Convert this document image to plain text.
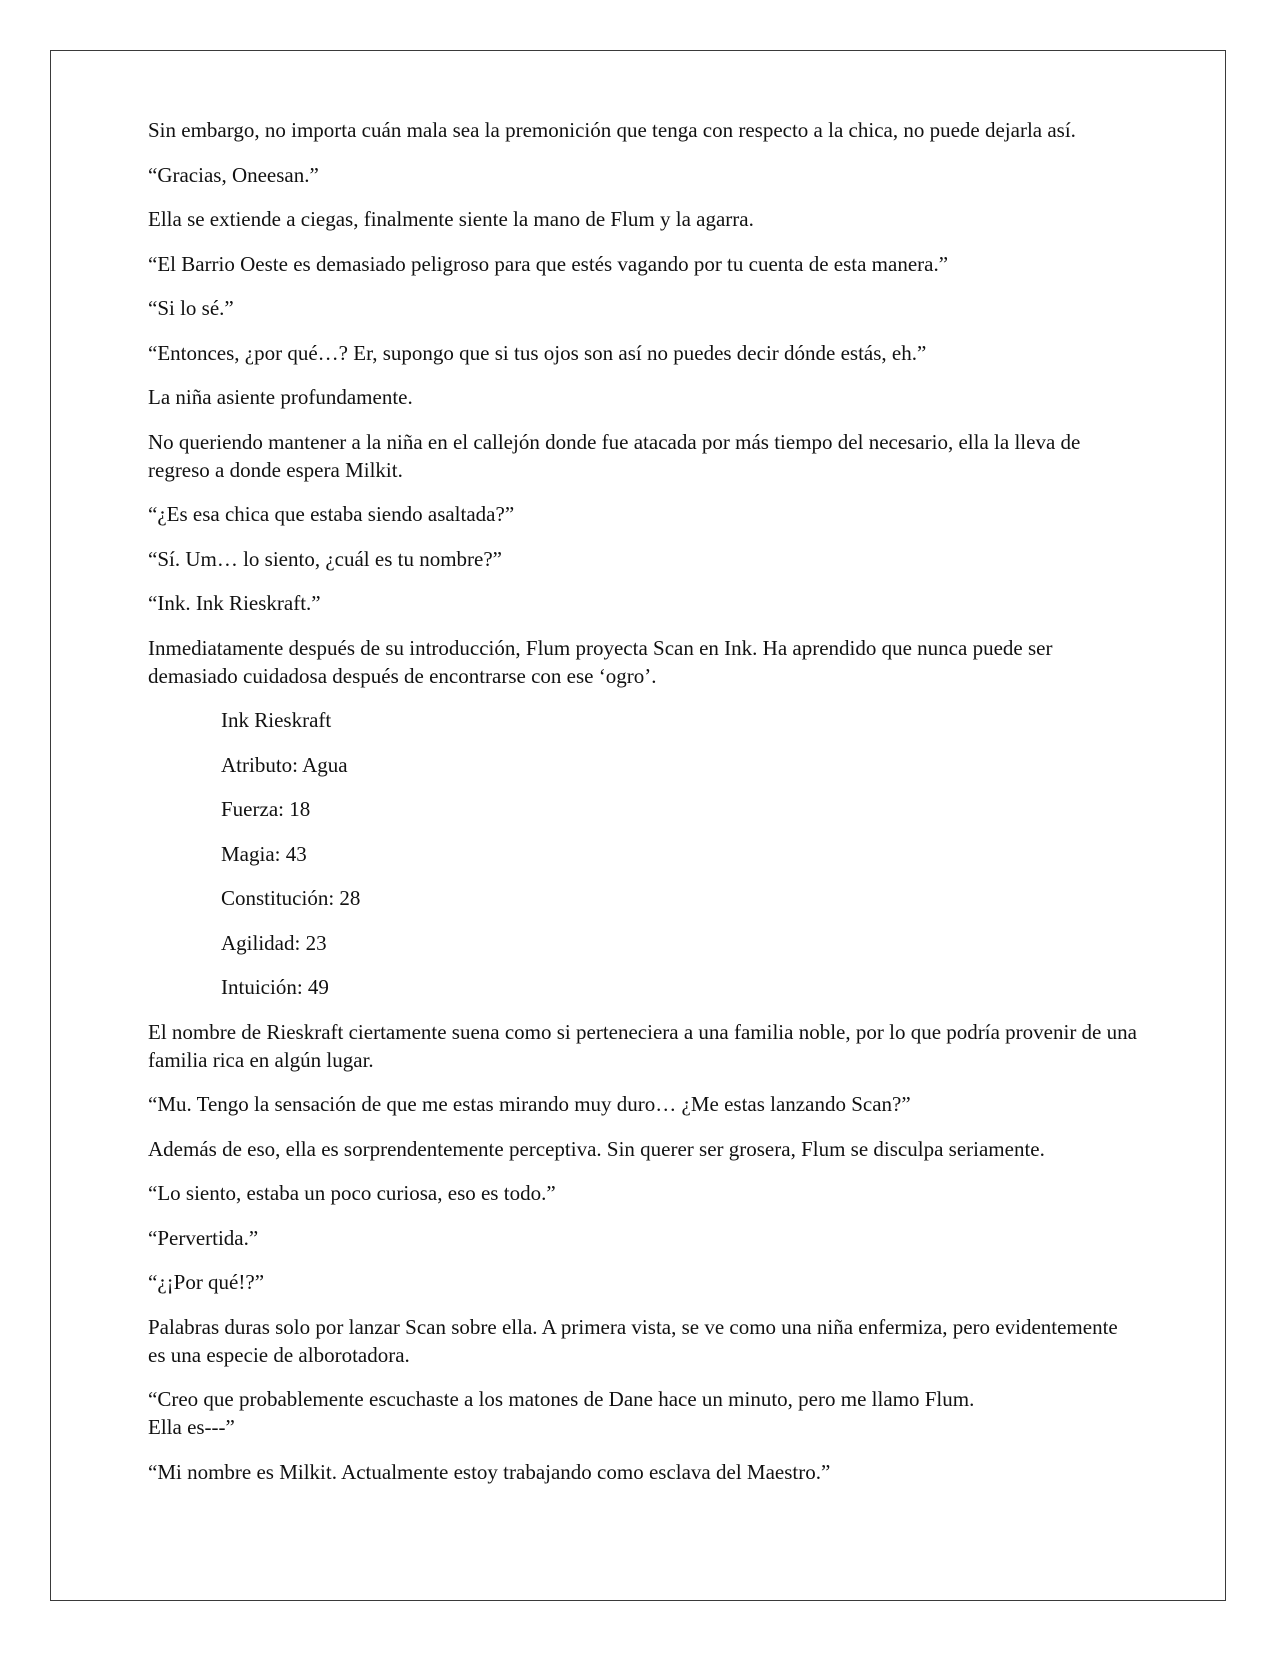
Sin embargo, no importa cuán mala sea la premonición que tenga con respecto a la chica, no puede dejarla así.

“Gracias, Oneesan.”

Ella se extiende a ciegas, finalmente siente la mano de Flum y la agarra.

“El Barrio Oeste es demasiado peligroso para que estés vagando por tu cuenta de esta manera.”

“Si lo sé.”

“Entonces, ¿por qué…? Er, supongo que si tus ojos son así no puedes decir dónde estás, eh.”

La niña asiente profundamente.

No queriendo mantener a la niña en el callejón donde fue atacada por más tiempo del necesario, ella la lleva de regreso a donde espera Milkit.

“¿Es esa chica que estaba siendo asaltada?”

“Sí. Um… lo siento, ¿cuál es tu nombre?”

“Ink. Ink Rieskraft.”

Inmediatamente después de su introducción, Flum proyecta Scan en Ink. Ha aprendido que nunca puede ser demasiado cuidadosa después de encontrarse con ese ‘ogro’.

Ink Rieskraft

Atributo: Agua

Fuerza: 18

Magia: 43

Constitución: 28

Agilidad: 23

Intuición: 49

El nombre de Rieskraft ciertamente suena como si perteneciera a una familia noble, por lo que podría provenir de una familia rica en algún lugar.

“Mu. Tengo la sensación de que me estas mirando muy duro… ¿Me estas lanzando Scan?”

Además de eso, ella es sorprendentemente perceptiva. Sin querer ser grosera, Flum se disculpa seriamente.

“Lo siento, estaba un poco curiosa, eso es todo.”

“Pervertida.”

“¿¡Por qué!?”

Palabras duras solo por lanzar Scan sobre ella. A primera vista, se ve como una niña enfermiza, pero evidentemente es una especie de alborotadora.

“Creo que probablemente escuchaste a los matones de Dane hace un minuto, pero me llamo Flum.
Ella es---”

“Mi nombre es Milkit. Actualmente estoy trabajando como esclava del Maestro.”
